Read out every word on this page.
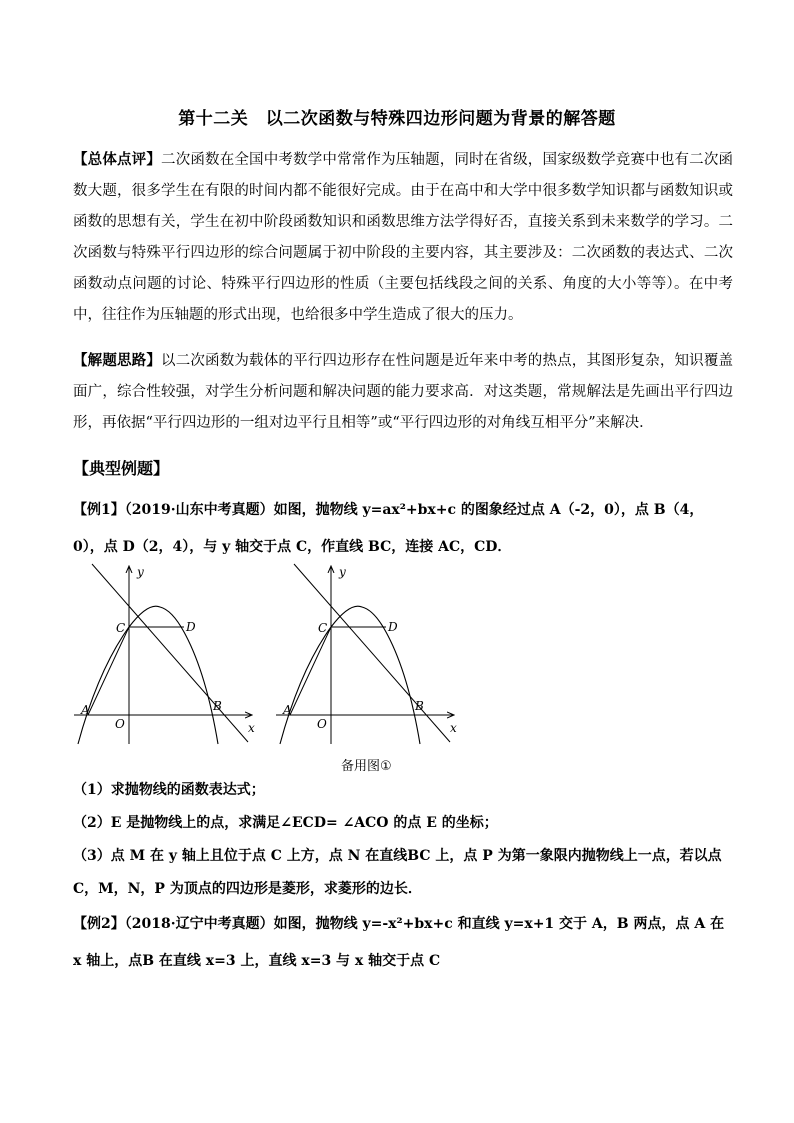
第十二关　以二次函数与特殊四边形问题为背景的解答题
【总体点评】二次函数在全国中考数学中常常作为压轴题，同时在省级，国家级数学竞赛中也有二次函数大题，很多学生在有限的时间内都不能很好完成。由于在高中和大学中很多数学知识都与函数知识或函数的思想有关，学生在初中阶段函数知识和函数思维方法学得好否，直接关系到未来数学的学习。二次函数与特殊平行四边形的综合问题属于初中阶段的主要内容，其主要涉及：二次函数的表达式、二次函数动点问题的讨论、特殊平行四边形的性质（主要包括线段之间的关系、角度的大小等等）。在中考中，往往作为压轴题的形式出现，也给很多中学生造成了很大的压力。
【解题思路】以二次函数为载体的平行四边形存在性问题是近年来中考的热点，其图形复杂，知识覆盖面广，综合性较强，对学生分析问题和解决问题的能力要求高．对这类题，常规解法是先画出平行四边形，再依据“平行四边形的一组对边平行且相等”或“平行四边形的对角线互相平分”来解决．
【典型例题】
【例1】（2019·山东中考真题）如图，抛物线 y=ax²+bx+c 的图象经过点 A（-2，0），点 B（4，0），点 D（2，4），与 y 轴交于点 C，作直线 BC，连接 AC，CD．
y
x
O
A	B
C	D
y
x
O
A	B
C	D
备用图①
（1）求抛物线的函数表达式；
（2）E 是抛物线上的点，求满足∠ECD= ∠ACO 的点 E 的坐标；
（3）点 M 在 y 轴上且位于点 C 上方，点 N 在直线BC 上，点 P 为第一象限内抛物线上一点，若以点 C，M，N，P 为顶点的四边形是菱形，求菱形的边长．
【例2】（2018·辽宁中考真题）如图，抛物线 y=-x²+bx+c 和直线 y=x+1 交于 A，B 两点，点 A 在 x 轴上，点B 在直线 x=3 上，直线 x=3 与 x 轴交于点 C
